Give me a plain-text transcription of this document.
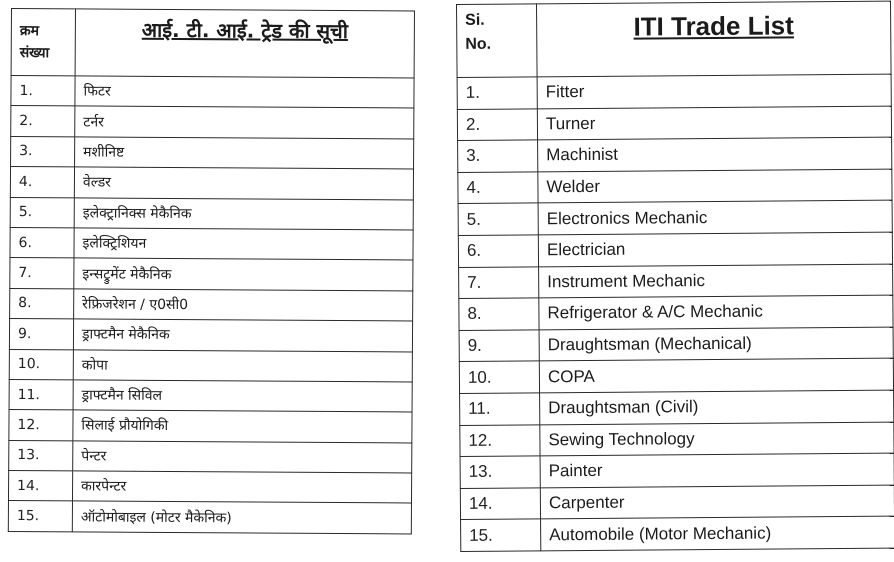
क्रम
संख्या	आई. टी. आई. ट्रेड की सूची
1.	फिटर
2.	टर्नर
3.	मशीनिष्ट
4.	वेल्डर
5.	इलेक्ट्रानिक्स मेकैनिक
6.	इलेक्ट्रिशियन
7.	इन्सट्रुमेंट मेकैनिक
8.	रेफ्रिजरेशन / ए0सी0
9.	ड्राफ्टमैन मेकैनिक
10.	कोपा
11.	ड्राफ्टमैन सिविल
12.	सिलाई प्रौयोगिकी
13.	पेन्टर
14.	कारपेन्टर
15.	ऑटोमोबाइल (मोटर मैकेनिक)
Si.
No.	ITI Trade List
1.	Fitter
2.	Turner
3.	Machinist
4.	Welder
5.	Electronics Mechanic
6.	Electrician
7.	Instrument Mechanic
8.	Refrigerator & A/C Mechanic
9.	Draughtsman (Mechanical)
10.	COPA
11.	Draughtsman (Civil)
12.	Sewing Technology
13.	Painter
14.	Carpenter
15.	Automobile (Motor Mechanic)
